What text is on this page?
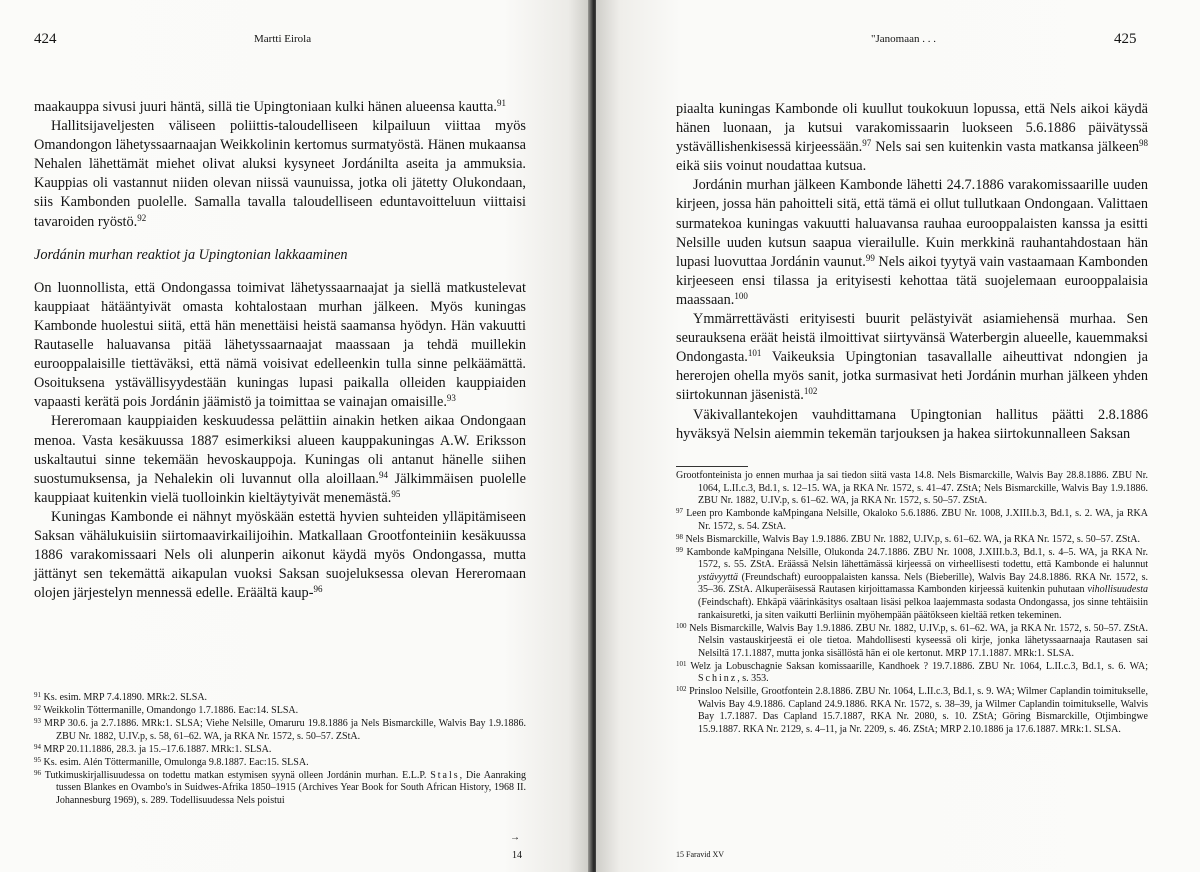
424	Martti Eirola

maakauppa sivusi juuri häntä, sillä tie Upingtoniaan kulki hänen alueensa kautta.$^{91}$

Hallitsijaveljesten väliseen poliittis-taloudelliseen kilpailuun viittaa myös Omandongon lähetyssaarnaajan Weikkolinin kertomus surmatyöstä. Hänen mukaansa Nehalen lähettämät miehet olivat aluksi kysyneet Jordánilta aseita ja ammuksia. Kauppias oli vastannut niiden olevan niissä vaunuissa, jotka oli jätetty Olukondaan, siis Kambonden puolelle. Samalla tavalla taloudelliseen eduntavoitteluun viittaisi tavaroiden ryöstö.$^{92}$

Jordánin murhan reaktiot ja Upingtonian lakkaaminen

On luonnollista, että Ondongassa toimivat lähetyssaarnaajat ja siellä matkustelevat kauppiaat hätääntyivät omasta kohtalostaan murhan jälkeen. Myös kuningas Kambonde huolestui siitä, että hän menettäisi heistä saamansa hyödyn. Hän vakuutti Rautaselle haluavansa pitää lähetyssaarnaajat maassaan ja tehdä muillekin eurooppalaisille tiettäväksi, että nämä voisivat edelleenkin tulla sinne pelkäämättä. Osoituksena ystävällisyydestään kuningas lupasi paikalla olleiden kauppiaiden vapaasti kerätä pois Jordánin jäämistö ja toimittaa se vainajan omaisille.$^{93}$

Hereromaan kauppiaiden keskuudessa pelättiin ainakin hetken aikaa Ondongaan menoa. Vasta kesäkuussa 1887 esimerkiksi alueen kauppakuningas A.W. Eriksson uskaltautui sinne tekemään hevoskauppoja. Kuningas oli antanut hänelle siihen suostumuksensa, ja Nehalekin oli luvannut olla aloillaan.$^{94}$ Jälkimmäisen puolelle kauppiaat kuitenkin vielä tuolloinkin kieltäytyivät menemästä.$^{95}$

Kuningas Kambonde ei nähnyt myöskään estettä hyvien suhteiden ylläpitämiseen Saksan vähälukuisiin siirtomaavirkailijoihin. Matkallaan Grootfonteiniin kesäkuussa 1886 varakomissaari Nels oli alunperin aikonut käydä myös Ondongassa, mutta jättänyt sen tekemättä aikapulan vuoksi Saksan suojeluksessa olevan Hereromaan olojen järjestelyn mennessä edelle. Eräältä kaup-$^{96}$

$^{91}$ Ks. esim. MRP 7.4.1890. MRk:2. SLSA.

$^{92}$ Weikkolin Töttermanille, Omandongo 1.7.1886. Eac:14. SLSA.

$^{93}$ MRP 30.6. ja 2.7.1886. MRk:1. SLSA; Viehe Nelsille, Omaruru 19.8.1886 ja Nels Bismarckille, Walvis Bay 1.9.1886. ZBU Nr. 1882, U.IV.p, s. 58, 61–62. WA, ja RKA Nr. 1572, s. 50–57. ZStA.

$^{94}$ MRP 20.11.1886, 28.3. ja 15.–17.6.1887. MRk:1. SLSA.

$^{95}$ Ks. esim. Alén Töttermanille, Omulonga 9.8.1887. Eac:15. SLSA.

$^{96}$ Tutkimuskirjallisuudessa on todettu matkan estymisen syynä olleen Jordánin murhan. E.L.P. Stals, Die Aanraking tussen Blankes en Ovambo's in Suidwes-Afrika 1850–1915 (Archives Year Book for South African History, 1968 II. Johannesburg 1969), s. 289. Todellisuudessa Nels poistui

→
14
"Janomaan . . .	425

piaalta kuningas Kambonde oli kuullut toukokuun lopussa, että Nels aikoi käydä hänen luonaan, ja kutsui varakomissaarin luokseen 5.6.1886 päivätyssä ystävällishenkisessä kirjeessään.$^{97}$ Nels sai sen kuitenkin vasta matkansa jälkeen$^{98}$ eikä siis voinut noudattaa kutsua.

Jordánin murhan jälkeen Kambonde lähetti 24.7.1886 varakomissaarille uuden kirjeen, jossa hän pahoitteli sitä, että tämä ei ollut tullutkaan Ondongaan. Valittaen surmatekoa kuningas vakuutti haluavansa rauhaa eurooppalaisten kanssa ja esitti Nelsille uuden kutsun saapua vierailulle. Kuin merkkinä rauhantahdostaan hän lupasi luovuttaa Jordánin vaunut.$^{99}$ Nels aikoi tyytyä vain vastaamaan Kambonden kirjeeseen ensi tilassa ja erityisesti kehottaa tätä suojelemaan eurooppalaisia maassaan.$^{100}$

Ymmärrettävästi erityisesti buurit pelästyivät asiamiehensä murhaa. Sen seurauksena eräät heistä ilmoittivat siirtyvänsä Waterbergin alueelle, kauemmaksi Ondongasta.$^{101}$ Vaikeuksia Upingtonian tasavallalle aiheuttivat ndongien ja hererojen ohella myös sanit, jotka surmasivat heti Jordánin murhan jälkeen yhden siirtokunnan jäsenistä.$^{102}$

Väkivallantekojen vauhdittamana Upingtonian hallitus päätti 2.8.1886 hyväksyä Nelsin aiemmin tekemän tarjouksen ja hakea siirtokunnalleen Saksan

Grootfonteinista jo ennen murhaa ja sai tiedon siitä vasta 14.8. Nels Bismarckille, Walvis Bay 28.8.1886. ZBU Nr. 1064, L.II.c.3, Bd.1, s. 12–15. WA, ja RKA Nr. 1572, s. 41–47. ZStA; Nels Bismarckille, Walvis Bay 1.9.1886. ZBU Nr. 1882, U.IV.p, s. 61–62. WA, ja RKA Nr. 1572, s. 50–57. ZStA.

$^{97}$ Leen pro Kambonde kaMpingana Nelsille, Okaloko 5.6.1886. ZBU Nr. 1008, J.XIII.b.3, Bd.1, s. 2. WA, ja RKA Nr. 1572, s. 54. ZStA.

$^{98}$ Nels Bismarckille, Walvis Bay 1.9.1886. ZBU Nr. 1882, U.IV.p, s. 61–62. WA, ja RKA Nr. 1572, s. 50–57. ZStA.

$^{99}$ Kambonde kaMpingana Nelsille, Olukonda 24.7.1886. ZBU Nr. 1008, J.XIII.b.3, Bd.1, s. 4–5. WA, ja RKA Nr. 1572, s. 55. ZStA. Eräässä Nelsin lähettämässä kirjeessä on virheellisesti todettu, että Kambonde ei halunnut ystävyyttä (Freundschaft) eurooppalaisten kanssa. Nels (Bieberille), Walvis Bay 24.8.1886. RKA Nr. 1572, s. 35–36. ZStA. Alkuperäisessä Rautasen kirjoittamassa Kambonden kirjeessä kuitenkin puhutaan vihollisuudesta (Feindschaft). Ehkäpä väärinkäsitys osaltaan lisäsi pelkoa laajemmasta sodasta Ondongassa, jos sinne tehtäisiin rankaisuretki, ja siten vaikutti Berliinin myöhempään päätökseen kieltää retken tekeminen.

$^{100}$ Nels Bismarckille, Walvis Bay 1.9.1886. ZBU Nr. 1882, U.IV.p, s. 61–62. WA, ja RKA Nr. 1572, s. 50–57. ZStA. Nelsin vastauskirjeestä ei ole tietoa. Mahdollisesti kyseessä oli kirje, jonka lähetyssaarnaaja Rautasen sai Nelsiltä 17.1.1887, mutta jonka sisällöstä hän ei ole kertonut. MRP 17.1.1887. MRk:1. SLSA.

$^{101}$ Welz ja Lobuschagnie Saksan komissaarille, Kandhoek ? 19.7.1886. ZBU Nr. 1064, L.II.c.3, Bd.1, s. 6. WA; Schinz, s. 353.

$^{102}$ Prinsloo Nelsille, Grootfontein 2.8.1886. ZBU Nr. 1064, L.II.c.3, Bd.1, s. 9. WA; Wilmer Caplandin toimitukselle, Walvis Bay 4.9.1886. Capland 24.9.1886. RKA Nr. 1572, s. 38–39, ja Wilmer Caplandin toimitukselle, Walvis Bay 1.7.1887. Das Capland 15.7.1887, RKA Nr. 2080, s. 10. ZStA; Göring Bismarckille, Otjimbingwe 15.9.1887. RKA Nr. 2129, s. 4–11, ja Nr. 2209, s. 46. ZStA; MRP 2.10.1886 ja 17.6.1887. MRk:1. SLSA.

15 Faravid XV
